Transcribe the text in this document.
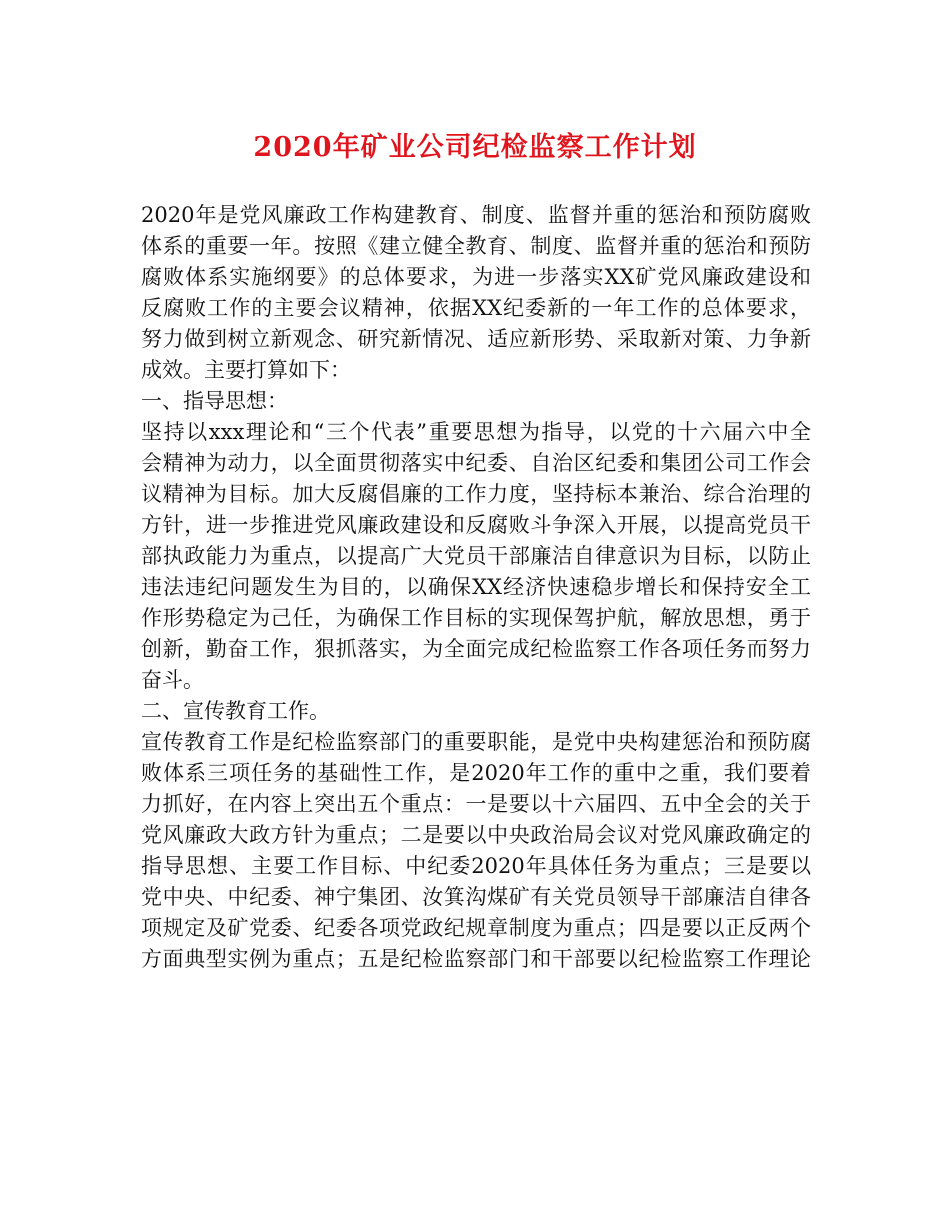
2020年矿业公司纪检监察工作计划
2020年是党风廉政工作构建教育、制度、监督并重的惩治和预防腐败
体系的重要一年。按照《建立健全教育、制度、监督并重的惩治和预防
腐败体系实施纲要》的总体要求，为进一步落实XX矿党风廉政建设和
反腐败工作的主要会议精神，依据XX纪委新的一年工作的总体要求，
努力做到树立新观念、研究新情况、适应新形势、采取新对策、力争新
成效。主要打算如下：
一、指导思想：
坚持以xxx理论和“三个代表”重要思想为指导，以党的十六届六中全
会精神为动力，以全面贯彻落实中纪委、自治区纪委和集团公司工作会
议精神为目标。加大反腐倡廉的工作力度，坚持标本兼治、综合治理的
方针，进一步推进党风廉政建设和反腐败斗争深入开展，以提高党员干
部执政能力为重点，以提高广大党员干部廉洁自律意识为目标，以防止
违法违纪问题发生为目的，以确保XX经济快速稳步增长和保持安全工
作形势稳定为己任，为确保工作目标的实现保驾护航，解放思想，勇于
创新，勤奋工作，狠抓落实，为全面完成纪检监察工作各项任务而努力
奋斗。
二、宣传教育工作。
宣传教育工作是纪检监察部门的重要职能，是党中央构建惩治和预防腐
败体系三项任务的基础性工作，是2020年工作的重中之重，我们要着
力抓好，在内容上突出五个重点：一是要以十六届四、五中全会的关于
党风廉政大政方针为重点；二是要以中央政治局会议对党风廉政确定的
指导思想、主要工作目标、中纪委2020年具体任务为重点；三是要以
党中央、中纪委、神宁集团、汝箕沟煤矿有关党员领导干部廉洁自律各
项规定及矿党委、纪委各项党政纪规章制度为重点；四是要以正反两个
方面典型实例为重点；五是纪检监察部门和干部要以纪检监察工作理论
